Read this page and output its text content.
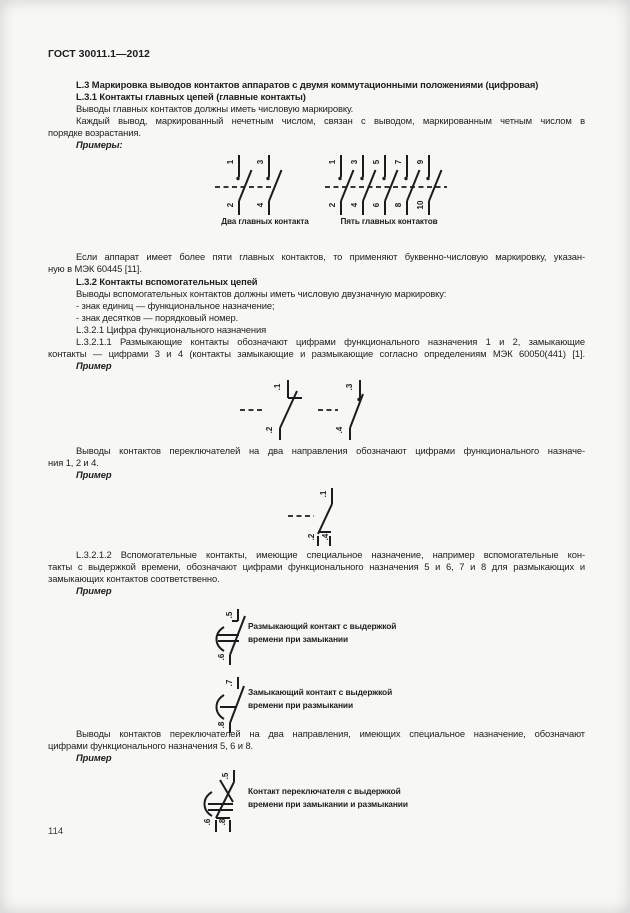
ГОСТ 30011.1—2012
L.3 Маркировка выводов контактов аппаратов с двумя коммутационными положениями (цифровая)
L.3.1 Контакты главных цепей (главные контакты)
Выводы главных контактов должны иметь числовую маркировку.
Каждый вывод, маркированный нечетным числом, связан с выводом, маркированным четным числом в
порядке возрастания.
Примеры:
1
2
3
4
Два главных контакта
1
2
3
4
5
6
7
8
9
10
Пять главных контактов
Если аппарат имеет более пяти главных контактов, то применяют буквенно-числовую маркировку, указан-
ную в МЭК 60445 [11].
L.3.2 Контакты вспомогательных цепей
Выводы вспомогательных контактов должны иметь числовую двузначную маркировку:
- знак единиц — функциональное назначение;
- знак десятков — порядковый номер.
L.3.2.1 Цифра функционального назначения
L.3.2.1.1 Размыкающие контакты обозначают цифрами функционального назначения 1 и 2, замыкающие
контакты — цифрами 3 и 4 (контакты замыкающие и размыкающие согласно определениям МЭК 60050(441) [1].
Пример
.1
.2
.3
.4
Выводы контактов переключателей на два направления обозначают цифрами функционального назначе-
ния 1, 2 и 4.
Пример
.1
.2 .4
L.3.2.1.2 Вспомогательные контакты, имеющие специальное назначение, например вспомогательные кон-
такты с выдержкой времени, обозначают цифрами функционального назначения 5 и 6, 7 и 8 для размыкающих и
замыкающих контактов соответственно.
Пример
.5
.6
Размыкающий контакт с выдержкой времени при замыкании
.7
.8
Замыкающий контакт с выдержкой времени при размыкании
Выводы контактов переключателей на два направления, имеющих специальное назначение, обозначают
цифрами функционального назначения 5, 6 и 8.
Пример
.5
.6 .8
Контакт переключателя с выдержкой времени при замыкании и размыкании
114
